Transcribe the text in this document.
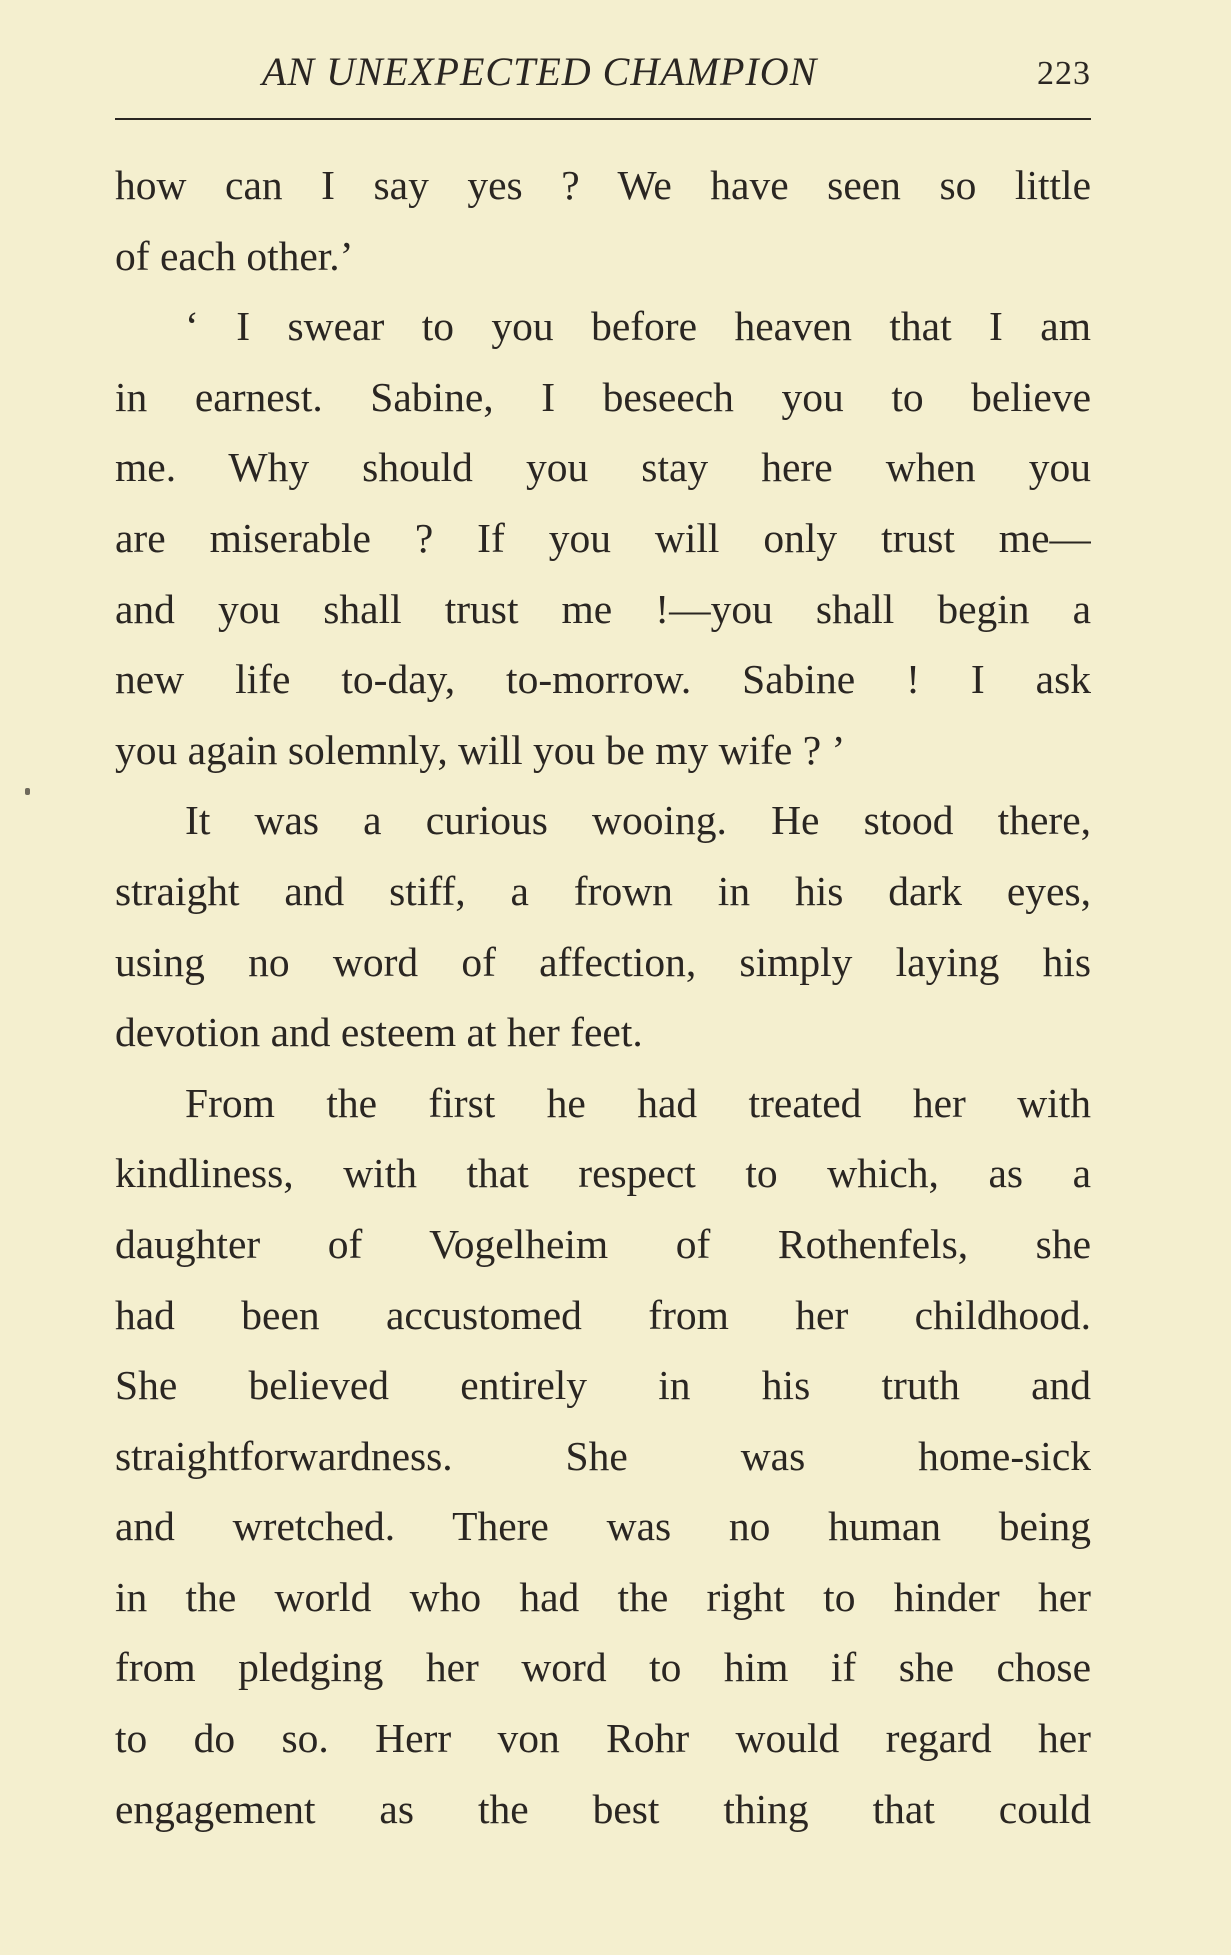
AN UNEXPECTED CHAMPION	223
how can I say yes ? We have seen so little
of each other.’
‘ I swear to you before heaven that I am
in earnest. Sabine, I beseech you to believe
me. Why should you stay here when you
are miserable ? If you will only trust me—
and you shall trust me !—you shall begin a
new life to-day, to-morrow. Sabine ! I ask
you again solemnly, will you be my wife ? ’
It was a curious wooing. He stood there,
straight and stiff, a frown in his dark eyes,
using no word of affection, simply laying his
devotion and esteem at her feet.
From the first he had treated her with
kindliness, with that respect to which, as a
daughter of Vogelheim of Rothenfels, she
had been accustomed from her childhood.
She believed entirely in his truth and
straightforwardness. She was home-sick
and wretched. There was no human being
in the world who had the right to hinder her
from pledging her word to him if she chose
to do so. Herr von Rohr would regard her
engagement as the best thing that could
